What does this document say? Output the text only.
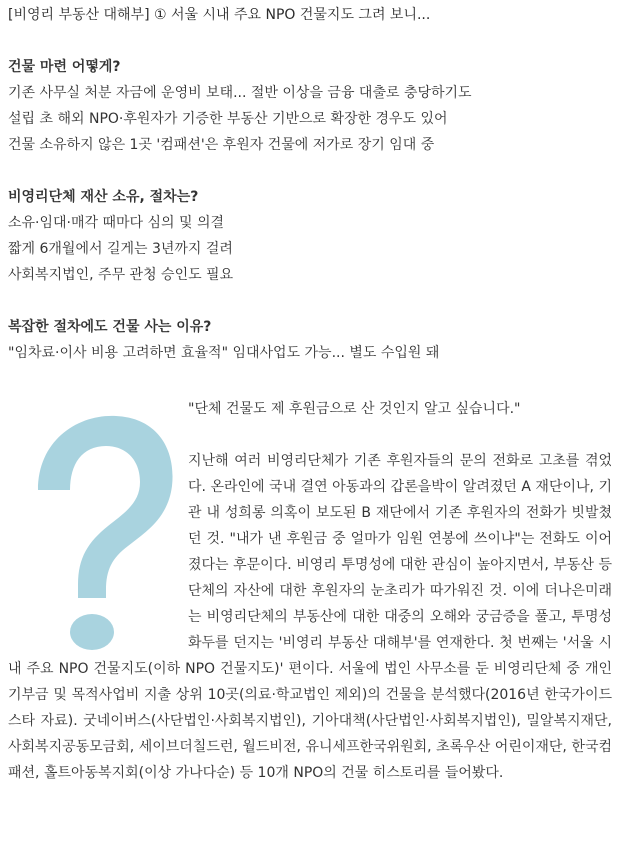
[비영리 부동산 대해부] ① 서울 시내 주요 NPO 건물지도 그려 보니...
건물 마련 어떻게?
기존 사무실 처분 자금에 운영비 보태... 절반 이상을 금융 대출로 충당하기도
설립 초 해외 NPO·후원자가 기증한 부동산 기반으로 확장한 경우도 있어
건물 소유하지 않은 1곳 '컴패션'은 후원자 건물에 저가로 장기 임대 중
비영리단체 재산 소유, 절차는?
소유·임대·매각 때마다 심의 및 의결
짧게 6개월에서 길게는 3년까지 걸려
사회복지법인, 주무 관청 승인도 필요
복잡한 절차에도 건물 사는 이유?
"임차료·이사 비용 고려하면 효율적" 임대사업도 가능... 별도 수입원 돼
"단체 건물도 제 후원금으로 산 것인지 알고 싶습니다."
지난해 여러 비영리단체가 기존 후원자들의 문의 전화로 고초를 겪었다. 온라인에 국내 결연 아동과의 갑론을박이 알려졌던 A 재단이나, 기관 내 성희롱 의혹이 보도된 B 재단에서 기존 후원자의 전화가 빗발쳤던 것. "내가 낸 후원금 중 얼마가 임원 연봉에 쓰이냐"는 전화도 이어졌다는 후문이다. 비영리 투명성에 대한 관심이 높아지면서, 부동산 등 단체의 자산에 대한 후원자의 눈초리가 따가워진 것. 이에 더나은미래는 비영리단체의 부동산에 대한 대중의 오해와 궁금증을 풀고, 투명성 화두를 던지는 '비영리 부동산 대해부'를 연재한다. 첫 번째는 '서울 시내 주요 NPO 건물지도(이하 NPO 건물지도)' 편이다. 서울에 법인 사무소를 둔 비영리단체 중 개인 기부금 및 목적사업비 지출 상위 10곳(의료·학교법인 제외)의 건물을 분석했다(2016년 한국가이드스타 자료). 굿네이버스(사단법인·사회복지법인), 기아대책(사단법인·사회복지법인), 밀알복지재단, 사회복지공동모금회, 세이브더칠드런, 월드비전, 유니세프한국위원회, 초록우산 어린이재단, 한국컴패션, 홀트아동복지회(이상 가나다순) 등 10개 NPO의 건물 히스토리를 들어봤다.
